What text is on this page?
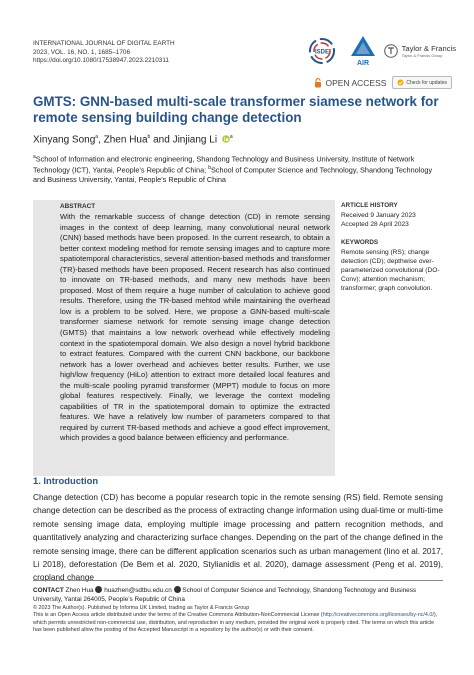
INTERNATIONAL JOURNAL OF DIGITAL EARTH
2023, VOL. 16, NO. 1, 1685–1706
https://doi.org/10.1080/17538947.2023.2210311
ISDE
AIR
Taylor & Francis
Taylor & Francis Group
OPEN ACCESS	Check for updates
GMTS: GNN-based multi-scale transformer siamese network for remote sensing building change detection
Xinyang Song$^a$, Zhen Hua$^b$ and Jinjiang Li	$^a$
$^a$School of Information and electronic engineering, Shandong Technology and Business University, Institute of Network Technology (ICT), Yantai, People’s Republic of China; $^b$School of Computer Science and Technology, Shandong Technology and Business University, Yantai, People’s Republic of China
ABSTRACT
With the remarkable success of change detection (CD) in remote sensing images in the context of deep learning, many convolutional neural network (CNN) based methods have been proposed. In the current research, to obtain a better context modeling method for remote sensing images and to capture more spatiotemporal characteristics, several attention-based methods and transformer (TR)-based methods have been proposed. Recent research has also continued to innovate on TR-based methods, and many new methods have been proposed. Most of them require a huge number of calculation to achieve good results. Therefore, using the TR-based mehtod while maintaining the overhead low is a problem to be solved. Here, we propose a GNN-based multi-scale transformer siamese network for remote sensing image change detection (GMTS) that maintains a low network overhead while effectively modeling context in the spatiotemporal domain. We also design a novel hybrid backbone to extract features. Compared with the current CNN backbone, our backbone network has a lower overhead and achieves better results. Further, we use high/low frequency (HiLo) attention to extract more detailed local features and the multi-scale pooling pyramid transformer (MPPT) module to focus on more global features respectively. Finally, we leverage the context modeling capabilities of TR in the spatiotemporal domain to optimize the extracted features. We have a relatively low number of parameters compared to that required by current TR-based methods and achieve a good effect improvement, which provides a good balance between efficiency and performance.
ARTICLE HISTORY
Received 9 January 2023
Accepted 28 April 2023
KEYWORDS
Remote sensing (RS); change detection (CD); depthwise over-parameterized convolutional (DO-Conv); attention mechanism; transformer; graph convolution.
1. Introduction
Change detection (CD) has become a popular research topic in the remote sensing (RS) field. Remote sensing change detection can be described as the process of extracting change information using dual-time or multi-time remote sensing image data, employing multiple image processing and pattern recognition methods, and quantitatively analyzing and characterizing surface changes. Depending on the part of the change defined in the remote sensing image, there can be different application scenarios such as urban management (Iino et al. 2017, Li 2018), deforestation (De Bem et al. 2020, Stylianidis et al. 2020), damage assessment (Peng et al. 2019), cropland change
CONTACT Zhen Hua huazhen@sdtbu.edu.cn School of Computer Science and Technology, Shandong Technology and Business University, Yantai 264005, People’s Republic of China
© 2023 The Author(s). Published by Informa UK Limited, trading as Taylor & Francis Group
This is an Open Access article distributed under the terms of the Creative Commons Attribution-NonCommercial License (http://creativecommons.org/licenses/by-nc/4.0/), which permits unrestricted non-commercial use, distribution, and reproduction in any medium, provided the original work is properly cited. The terms on which this article has been published allow the posting of the Accepted Manuscript in a repository by the author(s) or with their consent.
